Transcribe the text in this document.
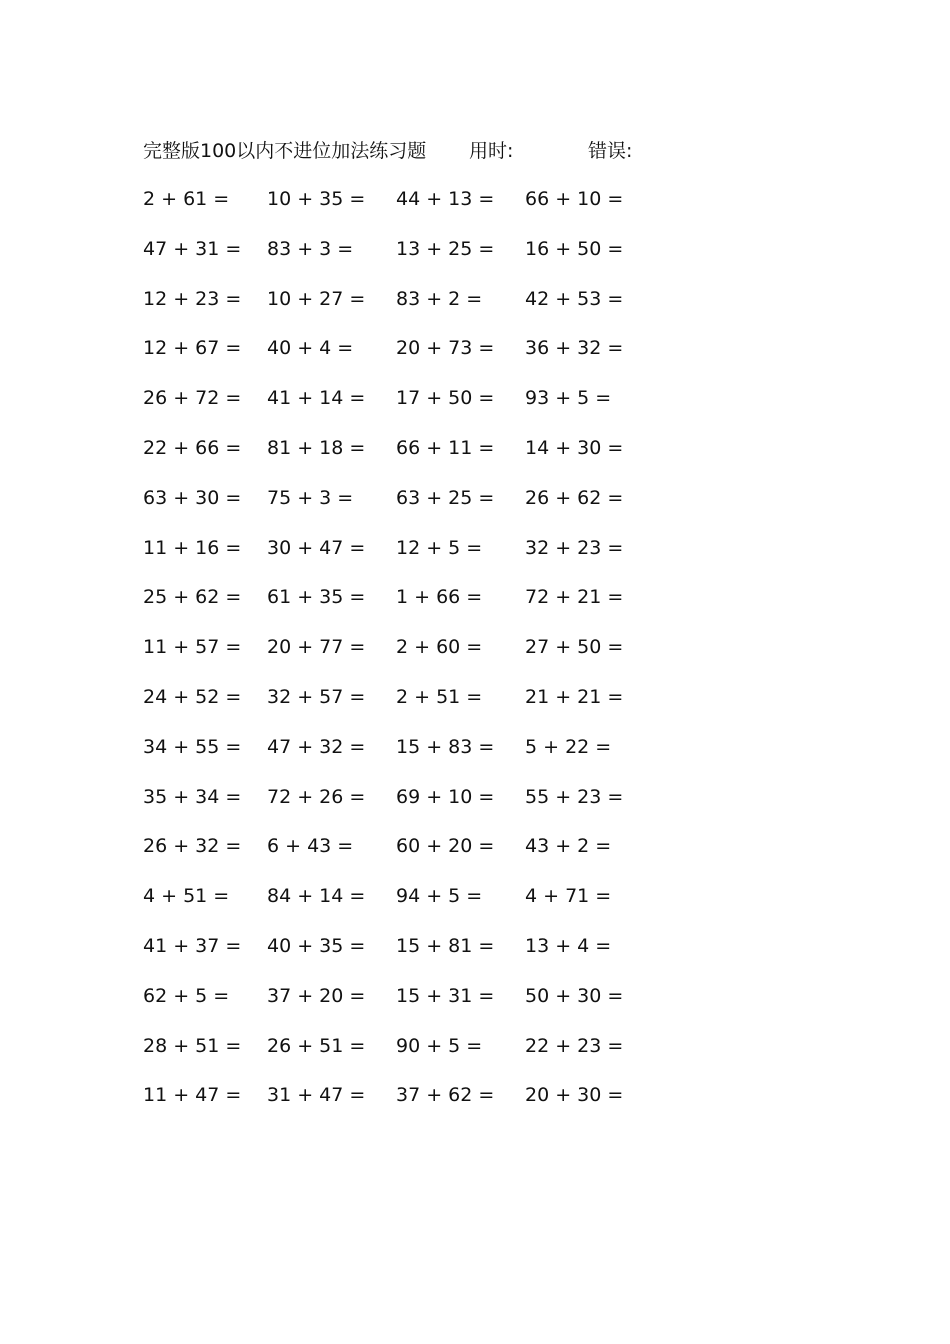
完整版100以内不进位加法练习题 用时:	错误:
2 + 61 = 10 + 35 = 44 + 13 = 66 + 10 =
47 + 31 = 83 + 3 = 13 + 25 = 16 + 50 =
12 + 23 = 10 + 27 = 83 + 2 = 42 + 53 =
12 + 67 = 40 + 4 = 20 + 73 = 36 + 32 =
26 + 72 = 41 + 14 = 17 + 50 = 93 + 5 =
22 + 66 = 81 + 18 = 66 + 11 = 14 + 30 =
63 + 30 = 75 + 3 = 63 + 25 = 26 + 62 =
11 + 16 = 30 + 47 = 12 + 5 = 32 + 23 =
25 + 62 = 61 + 35 = 1 + 66 = 72 + 21 =
11 + 57 = 20 + 77 = 2 + 60 = 27 + 50 =
24 + 52 = 32 + 57 = 2 + 51 = 21 + 21 =
34 + 55 = 47 + 32 = 15 + 83 = 5 + 22 =
35 + 34 = 72 + 26 = 69 + 10 = 55 + 23 =
26 + 32 = 6 + 43 = 60 + 20 = 43 + 2 =
4 + 51 = 84 + 14 = 94 + 5 = 4 + 71 =
41 + 37 = 40 + 35 = 15 + 81 = 13 + 4 =
62 + 5 = 37 + 20 = 15 + 31 = 50 + 30 =
28 + 51 = 26 + 51 = 90 + 5 = 22 + 23 =
11 + 47 = 31 + 47 = 37 + 62 = 20 + 30 =
